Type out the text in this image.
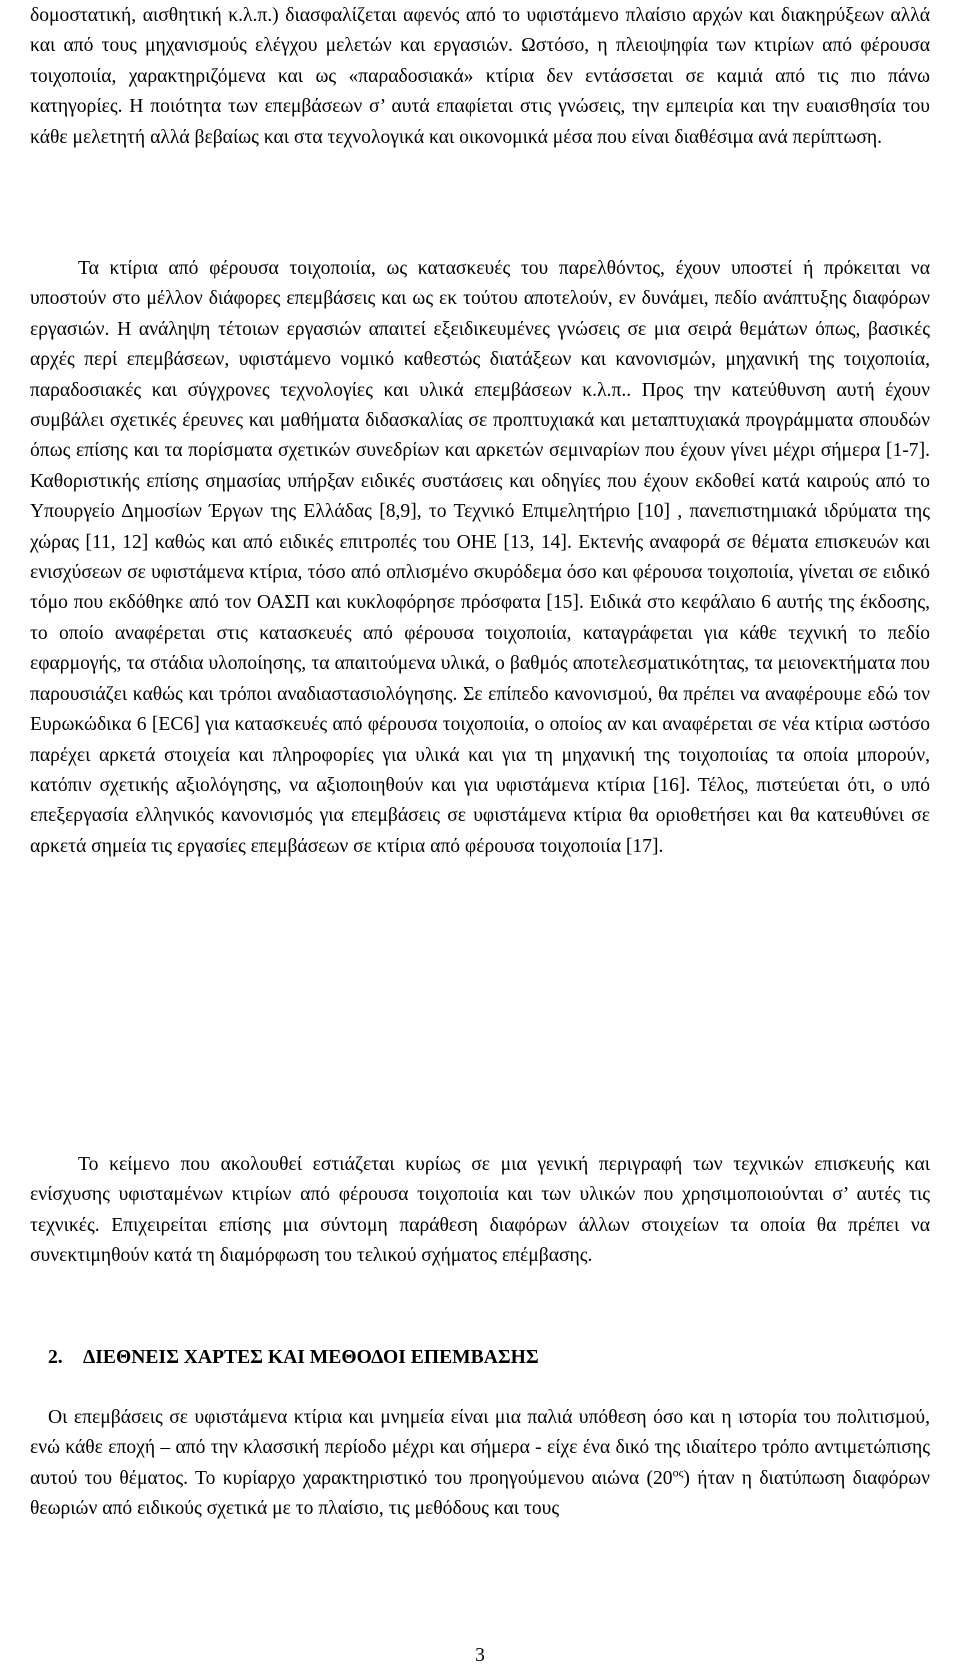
δομοστατική, αισθητική κ.λ.π.) διασφαλίζεται αφενός από το υφιστάμενο πλαίσιο αρχών και διακηρύξεων αλλά και από τους μηχανισμούς ελέγχου μελετών και εργασιών. Ωστόσο, η πλειοψηφία των κτιρίων από φέρουσα τοιχοποιία, χαρακτηριζόμενα και ως «παραδοσιακά» κτίρια δεν εντάσσεται σε καμιά από τις πιο πάνω κατηγορίες. Η ποιότητα των επεμβάσεων σ’ αυτά επαφίεται στις γνώσεις, την εμπειρία και την ευαισθησία του κάθε μελετητή αλλά βεβαίως και στα τεχνολογικά και οικονομικά μέσα που είναι διαθέσιμα ανά περίπτωση.

Τα κτίρια από φέρουσα τοιχοποιία, ως κατασκευές του παρελθόντος, έχουν υποστεί ή πρόκειται να υποστούν στο μέλλον διάφορες επεμβάσεις και ως εκ τούτου αποτελούν, εν δυνάμει, πεδίο ανάπτυξης διαφόρων εργασιών. Η ανάληψη τέτοιων εργασιών απαιτεί εξειδικευμένες γνώσεις σε μια σειρά θεμάτων όπως, βασικές αρχές περί επεμβάσεων, υφιστάμενο νομικό καθεστώς διατάξεων και κανονισμών, μηχανική της τοιχοποιία, παραδοσιακές και σύγχρονες τεχνολογίες και υλικά επεμβάσεων κ.λ.π.. Προς την κατεύθυνση αυτή έχουν συμβάλει σχετικές έρευνες και μαθήματα διδασκαλίας σε προπτυχιακά και μεταπτυχιακά προγράμματα σπουδών όπως επίσης και τα πορίσματα σχετικών συνεδρίων και αρκετών σεμιναρίων που έχουν γίνει μέχρι σήμερα [1-7]. Καθοριστικής επίσης σημασίας υπήρξαν ειδικές συστάσεις και οδηγίες που έχουν εκδοθεί κατά καιρούς από το Υπουργείο Δημοσίων Έργων της Ελλάδας [8,9], το Τεχνικό Επιμελητήριο [10] , πανεπιστημιακά ιδρύματα της χώρας [11, 12] καθώς και από ειδικές επιτροπές του ΟΗΕ [13, 14]. Εκτενής αναφορά σε θέματα επισκευών και ενισχύσεων σε υφιστάμενα κτίρια, τόσο από οπλισμένο σκυρόδεμα όσο και φέρουσα τοιχοποιία, γίνεται σε ειδικό τόμο που εκδόθηκε από τον ΟΑΣΠ και κυκλοφόρησε πρόσφατα [15]. Ειδικά στο κεφάλαιο 6 αυτής της έκδοσης, το οποίο αναφέρεται στις κατασκευές από φέρουσα τοιχοποιία, καταγράφεται για κάθε τεχνική το πεδίο εφαρμογής, τα στάδια υλοποίησης, τα απαιτούμενα υλικά, ο βαθμός αποτελεσματικότητας, τα μειονεκτήματα που παρουσιάζει καθώς και τρόποι αναδιαστασιολόγησης. Σε επίπεδο κανονισμού, θα πρέπει να αναφέρουμε εδώ τον Ευρωκώδικα 6 [EC6] για κατασκευές από φέρουσα τοιχοποιία, ο οποίος αν και αναφέρεται σε νέα κτίρια ωστόσο παρέχει αρκετά στοιχεία και πληροφορίες για υλικά και για τη μηχανική της τοιχοποιίας τα οποία μπορούν, κατόπιν σχετικής αξιολόγησης, να αξιοποιηθούν και για υφιστάμενα κτίρια [16]. Τέλος, πιστεύεται ότι, ο υπό επεξεργασία ελληνικός κανονισμός για επεμβάσεις σε υφιστάμενα κτίρια θα οριοθετήσει και θα κατευθύνει σε αρκετά σημεία τις εργασίες επεμβάσεων σε κτίρια από φέρουσα τοιχοποιία [17].

Το κείμενο που ακολουθεί εστιάζεται κυρίως σε μια γενική περιγραφή των τεχνικών επισκευής και ενίσχυσης υφισταμένων κτιρίων από φέρουσα τοιχοποιία και των υλικών που χρησιμοποιούνται σ’ αυτές τις τεχνικές. Επιχειρείται επίσης μια σύντομη παράθεση διαφόρων άλλων στοιχείων τα οποία θα πρέπει να συνεκτιμηθούν κατά τη διαμόρφωση του τελικού σχήματος επέμβασης.

2. ΔΙΕΘΝΕΙΣ ΧΑΡΤΕΣ ΚΑΙ ΜΕΘΟΔΟΙ ΕΠΕΜΒΑΣΗΣ

Οι επεμβάσεις σε υφιστάμενα κτίρια και μνημεία είναι μια παλιά υπόθεση όσο και η ιστορία του πολιτισμού, ενώ κάθε εποχή – από την κλασσική περίοδο μέχρι και σήμερα - είχε ένα δικό της ιδιαίτερο τρόπο αντιμετώπισης αυτού του θέματος. Το κυρίαρχο χαρακτηριστικό του προηγούμενου αιώνα $(20^{o\varsigma})$ ήταν η διατύπωση διαφόρων θεωριών από ειδικούς σχετικά με το πλαίσιο, τις μεθόδους και τους

3
